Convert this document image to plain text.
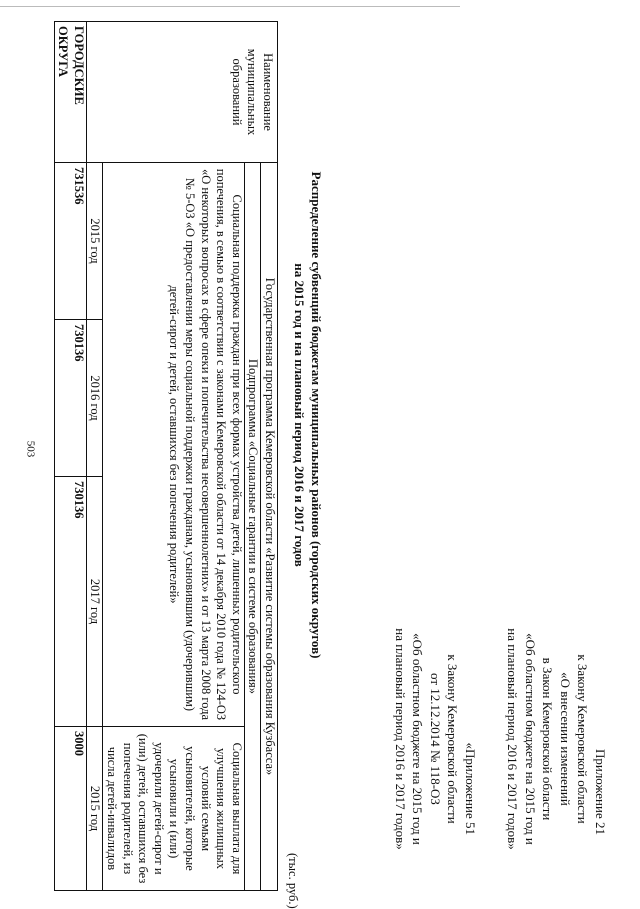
503
Приложение 21
к Закону Кемеровской области
«О внесении изменений
в Закон Кемеровской области
«Об областном бюджете на 2015 год и
на плановый период 2016 и 2017 годов»
«Приложение 51
к Закону Кемеровской области
от 12.12.2014 № 118-ОЗ
«Об областном бюджете на 2015 год и
на плановый период 2016 и 2017 годов»
Распределение субвенций бюджетам муниципальных районов (городских округов)
на 2015 год и на плановый период 2016 и 2017 годов
(тыс. руб.)
Наименование муниципальных образований	Государственная программа Кемеровской области «Развитие системы образования Кузбасса»			
	Подпрограмма «Социальные гарантии в системе образования»			
	Социальная поддержка граждан при всех формах устройства детей, лишенных родительского попечения, в семью в соответствии с законами Кемеровской области от 14 декабря 2010 года № 124-ОЗ «О некоторых вопросах в сфере опеки и попечительства несовершеннолетних» и от 13 марта 2008 года № 5-ОЗ «О предоставлении меры социальной поддержки гражданам, усыновившим (удочерившим) детей-сирот и детей, оставшихся без попечения родителей»			Социальная выплата для улучшения жилищных условий семьям усыновителей, которые усыновили и (или) удочерили детей-сирот и (или) детей, оставшихся без попечения родителей, из числа детей-инвалидов
	2015 год	2016 год	2017 год	2015 год
ГОРОДСКИЕ ОКРУГА	731536	730136	730136	3000
